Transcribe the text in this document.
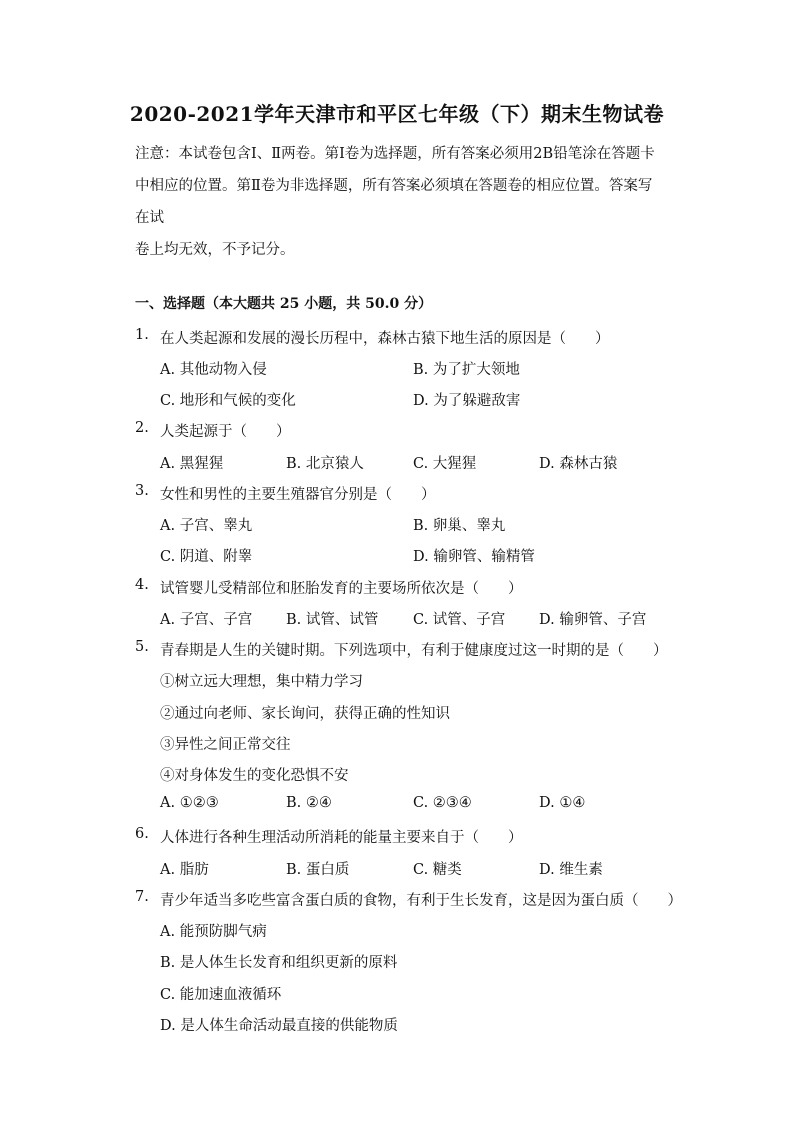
2020-2021学年天津市和平区七年级（下）期末生物试卷
注意：本试卷包含Ⅰ、Ⅱ两卷。第Ⅰ卷为选择题，所有答案必须用2B铅笔涂在答题卡
中相应的位置。第Ⅱ卷为非选择题，所有答案必须填在答题卷的相应位置。答案写在试
卷上均无效，不予记分。
一、选择题（本大题共 25 小题，共 50.0 分）
1. 在人类起源和发展的漫长历程中，森林古猿下地生活的原因是（　　）
A. 其他动物入侵	B. 为了扩大领地
C. 地形和气候的变化	D. 为了躲避敌害
2. 人类起源于（　　）
A. 黑猩猩	B. 北京猿人	C. 大猩猩	D. 森林古猿
3. 女性和男性的主要生殖器官分别是（　　）
A. 子宫、睾丸	B. 卵巢、睾丸
C. 阴道、附睾	D. 输卵管、输精管
4. 试管婴儿受精部位和胚胎发育的主要场所依次是（　　）
A. 子宫、子宫 B. 试管、试管 C. 试管、子宫 D. 输卵管、子宫
5. 青春期是人生的关键时期。下列选项中，有利于健康度过这一时期的是（　　）
①树立远大理想，集中精力学习
②通过向老师、家长询问，获得正确的性知识
③异性之间正常交往
④对身体发生的变化恐惧不安
A. ①②③	B. ②④	C. ②③④	D. ①④
6. 人体进行各种生理活动所消耗的能量主要来自于（　　）
A. 脂肪	B. 蛋白质	C. 糖类	D. 维生素
7. 青少年适当多吃些富含蛋白质的食物，有利于生长发育，这是因为蛋白质（　　）
A. 能预防脚气病
B. 是人体生长发育和组织更新的原料
C. 能加速血液循环
D. 是人体生命活动最直接的供能物质
